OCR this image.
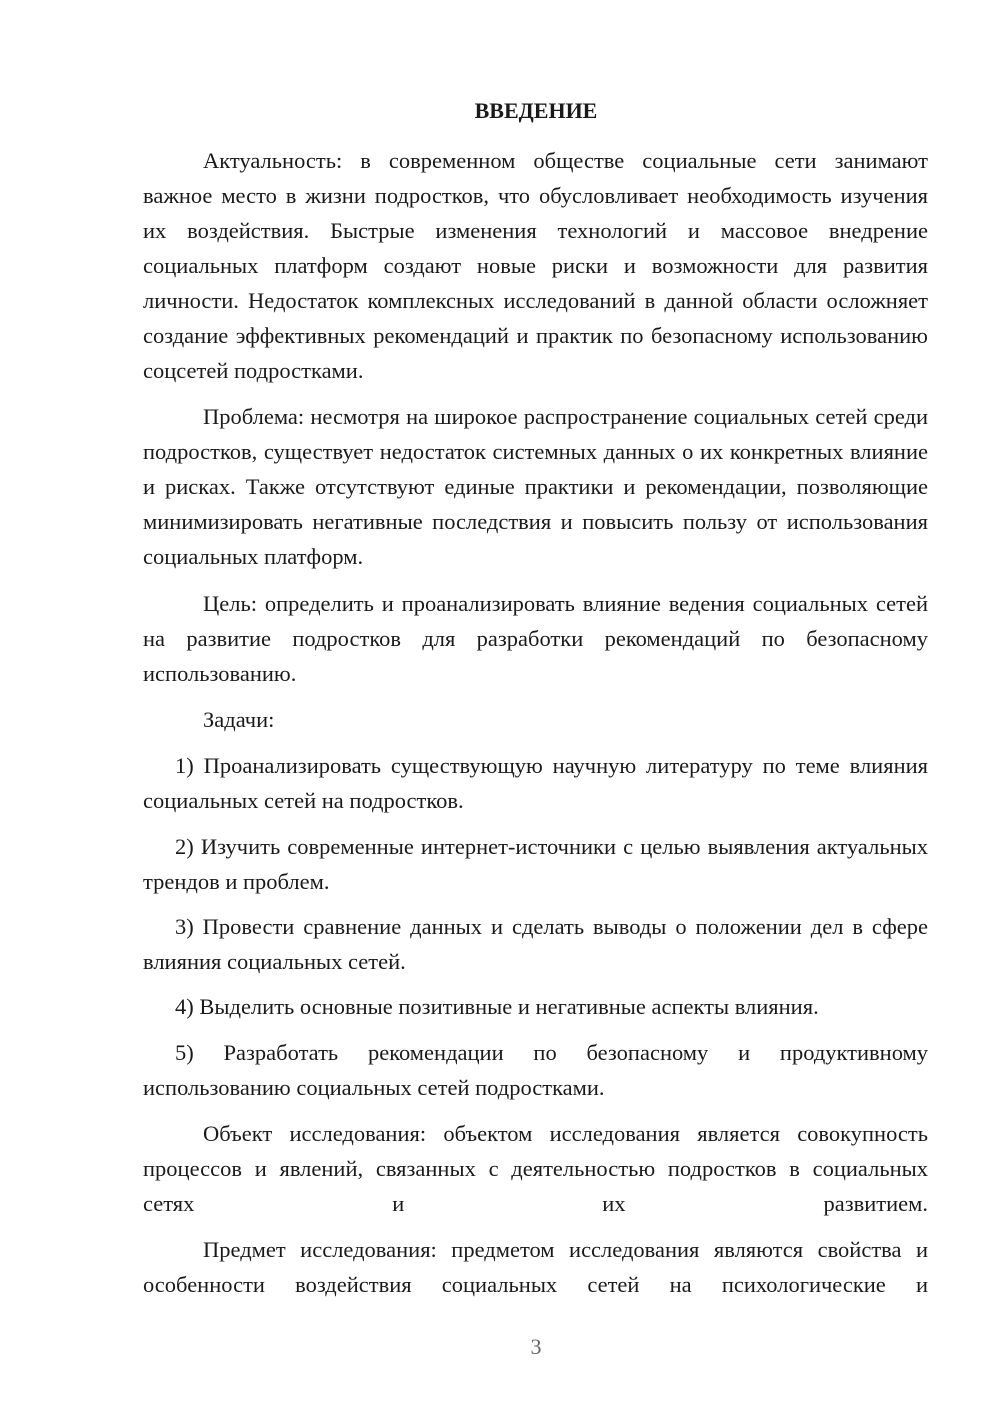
ВВЕДЕНИЕ

Актуальность: в современном обществе социальные сети занимают важное место в жизни подростков, что обусловливает необходимость изучения их воздействия. Быстрые изменения технологий и массовое внедрение социальных платформ создают новые риски и возможности для развития личности. Недостаток комплексных исследований в данной области осложняет создание эффективных рекомендаций и практик по безопасному использованию соцсетей подростками.

Проблема: несмотря на широкое распространение социальных сетей среди подростков, существует недостаток системных данных о их конкретных влияние и рисках. Также отсутствуют единые практики и рекомендации, позволяющие минимизировать негативные последствия и повысить пользу от использования социальных платформ.

Цель: определить и проанализировать влияние ведения социальных сетей на развитие подростков для разработки рекомендаций по безопасному использованию.

Задачи:

1) Проанализировать существующую научную литературу по теме влияния социальных сетей на подростков.

2) Изучить современные интернет-источники с целью выявления актуальных трендов и проблем.

3) Провести сравнение данных и сделать выводы о положении дел в сфере влияния социальных сетей.

4) Выделить основные позитивные и негативные аспекты влияния.

5) Разработать рекомендации по безопасному и продуктивному использованию социальных сетей подростками.

Объект исследования: объектом исследования является совокупность процессов и явлений, связанных с деятельностью подростков в социальных сетях и их развитием.

Предмет исследования: предметом исследования являются свойства и особенности воздействия социальных сетей на психологические и

3
